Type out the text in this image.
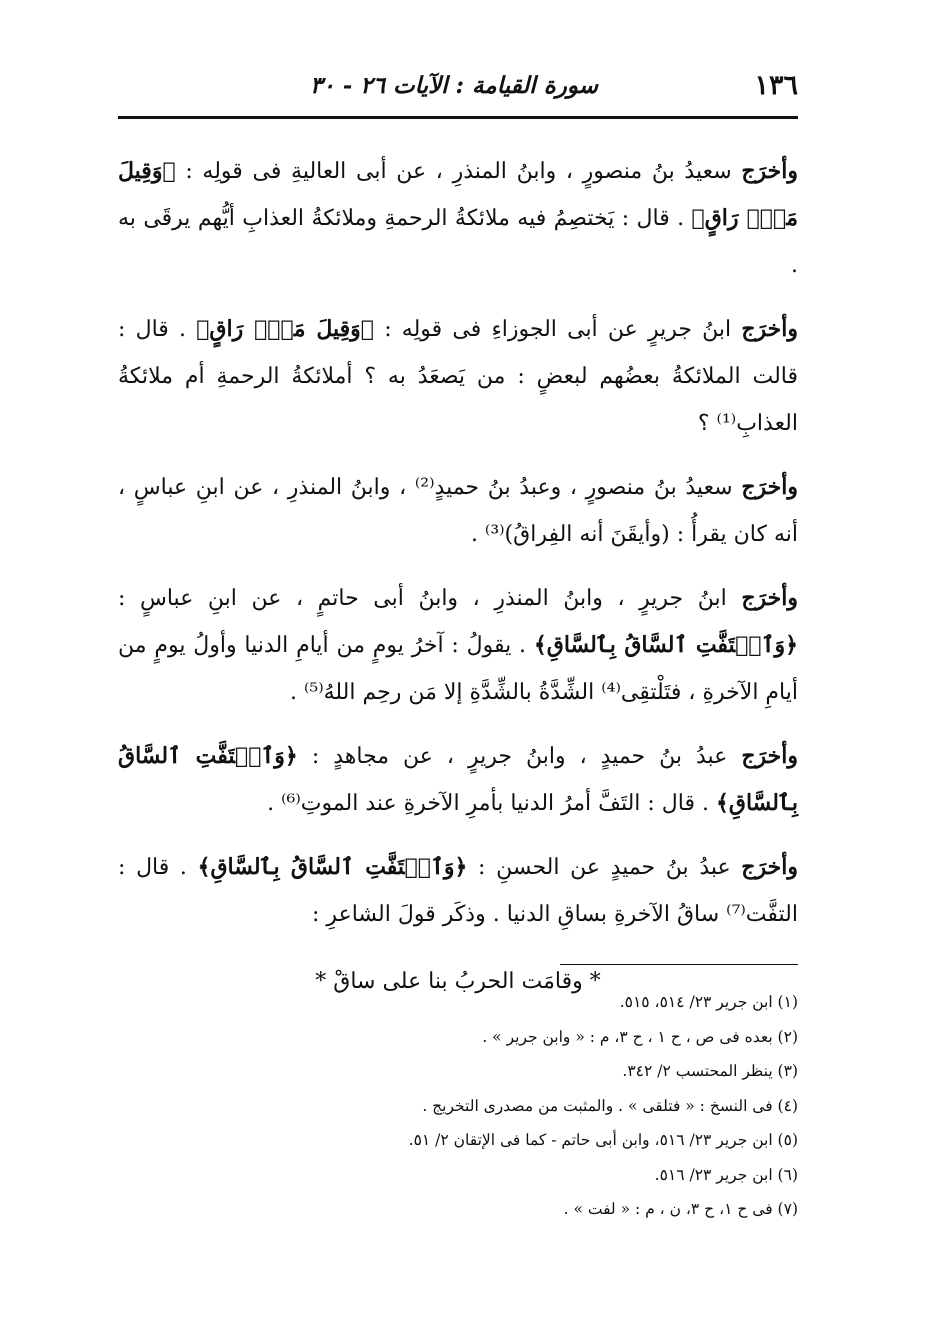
١٣٦
سورة القيامة : الآيات ٢٦ - ٣٠

وأخرَج سعيدُ بنُ منصورٍ ، وابنُ المنذرِ ، عن أبى العاليةِ فى قولِه : ﴿وَقِيلَ مَنْۜ رَاقٍ﴾ . قال : يَختصِمُ فيه ملائكةُ الرحمةِ وملائكةُ العذابِ أيُّهم يرقَى به .

وأخرَج ابنُ جريرٍ عن أبى الجوزاءِ فى قولِه : ﴿وَقِيلَ مَنْۜ رَاقٍ﴾ . قال : قالت الملائكةُ بعضُهم لبعضٍ : من يَصعَدُ به ؟ أملائكةُ الرحمةِ أم ملائكةُ العذابِ⁽¹⁾ ؟

وأخرَج سعيدُ بنُ منصورٍ ، وعبدُ بنُ حميدٍ⁽²⁾ ، وابنُ المنذرِ ، عن ابنِ عباسٍ ، أنه كان يقرأُ : (وأيقَنَ أنه الفِراقُ)⁽³⁾ .

وأخرَج ابنُ جريرٍ ، وابنُ المنذرِ ، وابنُ أبى حاتمٍ ، عن ابنِ عباسٍ : ﴿وَٱلۡتَفَّتِ ٱلسَّاقُ بِٱلسَّاقِ﴾ . يقولُ : آخرُ يومٍ من أيامِ الدنيا وأولُ يومٍ من أيامِ الآخرةِ ، فتَلْتقِى⁽⁴⁾ الشِّدَّةُ بالشِّدَّةِ إلا مَن رحِم اللهُ⁽⁵⁾ .

وأخرَج عبدُ بنُ حميدٍ ، وابنُ جريرٍ ، عن مجاهدٍ : ﴿وَٱلۡتَفَّتِ ٱلسَّاقُ بِٱلسَّاقِ﴾ . قال : التَفَّ أمرُ الدنيا بأمرِ الآخرةِ عند الموتِ⁽⁶⁾ .

وأخرَج عبدُ بنُ حميدٍ عن الحسنِ : ﴿وَٱلۡتَفَّتِ ٱلسَّاقُ بِٱلسَّاقِ﴾ . قال : التفَّت⁽⁷⁾ ساقُ الآخرةِ بساقِ الدنيا . وذكَر قولَ الشاعرِ :

* وقامَت الحربُ بنا على ساقْ *
(١) ابن جرير ٢٣/ ٥١٤، ٥١٥.
(٢) بعده فى ص ، ح ١ ، ح ٣، م : « وابن جرير » .
(٣) ينظر المحتسب ٢/ ٣٤٢.
(٤) فى النسخ : « فتلقى » . والمثبت من مصدرى التخريج .
(٥) ابن جرير ٢٣/ ٥١٦، وابن أبى حاتم - كما فى الإتقان ٢/ ٥١.
(٦) ابن جرير ٢٣/ ٥١٦.
(٧) فى ح ١، ح ٣، ن ، م : « لفت » .
